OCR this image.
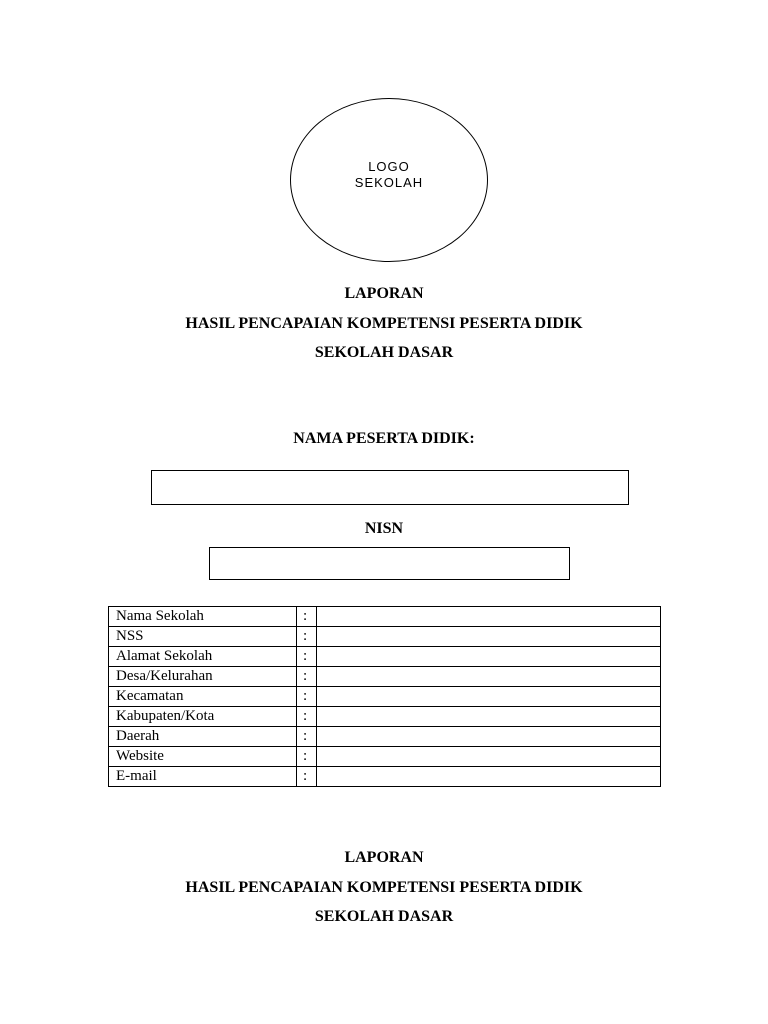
LOGO
SEKOLAH
LAPORAN
HASIL PENCAPAIAN KOMPETENSI PESERTA DIDIK
SEKOLAH DASAR
NAMA PESERTA DIDIK:
NISN
Nama Sekolah	:	
NSS	:	
Alamat Sekolah	:	
Desa/Kelurahan	:	
Kecamatan	:	
Kabupaten/Kota	:	
Daerah	:	
Website	:	
E-mail	:	
LAPORAN
HASIL PENCAPAIAN KOMPETENSI PESERTA DIDIK
SEKOLAH DASAR
